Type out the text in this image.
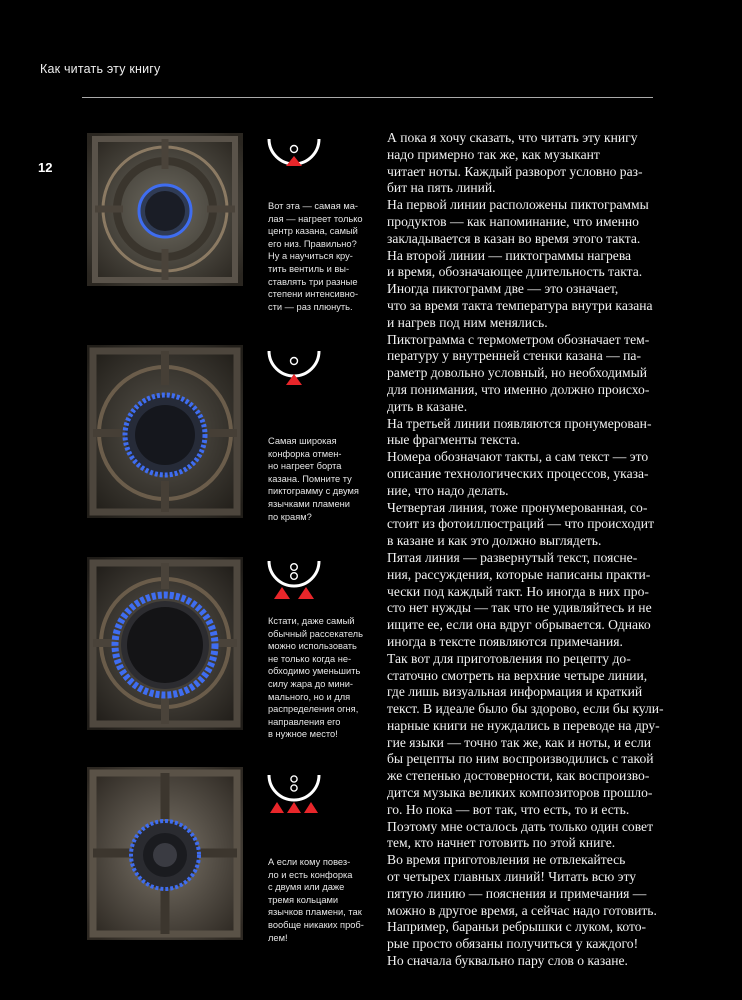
Как читать эту книгу
12
Вот эта — самая ма-
лая — нагреет только
центр казана, самый
его низ. Правильно?
Ну а научиться кру-
тить вентиль и вы-
ставлять три разные
степени интенсивно-
сти — раз плюнуть.
Самая широкая
конфорка отмен-
но нагреет борта
казана. Помните ту
пиктограмму с двумя
язычками пламени
по краям?
Кстати, даже самый
обычный рассекатель
можно использовать
не только когда не-
обходимо уменьшить
силу жара до мини-
мального, но и для
распределения огня,
направления его
в нужное место!
А если кому повез-
ло и есть конфорка
с двумя или даже
тремя кольцами
язычков пламени, так
вообще никаких проб-
лем!

А пока я хочу сказать, что читать эту книгу
надо примерно так же, как музыкант
читает ноты. Каждый разворот условно раз-
бит на пять линий.

На первой линии расположены пиктограммы
продуктов — как напоминание, что именно
закладывается в казан во время этого такта.

На второй линии — пиктограммы нагрева
и время, обозначающее длительность такта.
Иногда пиктограмм две — это означает,
что за время такта температура внутри казана
и нагрев под ним менялись.

Пиктограмма с термометром обозначает тем-
пературу у внутренней стенки казана — па-
раметр довольно условный, но необходимый
для понимания, что именно должно происхо-
дить в казане.

На третьей линии появляются пронумерован-
ные фрагменты текста.

Номера обозначают такты, а сам текст — это
описание технологических процессов, указа-
ние, что надо делать.

Четвертая линия, тоже пронумерованная, со-
стоит из фотоиллюстраций — что происходит
в казане и как это должно выглядеть.

Пятая линия — развернутый текст, поясне-
ния, рассуждения, которые написаны практи-
чески под каждый такт. Но иногда в них про-
сто нет нужды — так что не удивляйтесь и не
ищите ее, если она вдруг обрывается. Однако
иногда в тексте появляются примечания.

Так вот для приготовления по рецепту до-
статочно смотреть на верхние четыре линии,
где лишь визуальная информация и краткий
текст. В идеале было бы здорово, если бы кули-
нарные книги не нуждались в переводе на дру-
гие языки — точно так же, как и ноты, и если
бы рецепты по ним воспроизводились с такой
же степенью достоверности, как воспроизво-
дится музыка великих композиторов прошло-
го. Но пока — вот так, что есть, то и есть.

Поэтому мне осталось дать только один совет
тем, кто начнет готовить по этой книге.

Во время приготовления не отвлекайтесь
от четырех главных линий! Читать всю эту
пятую линию — пояснения и примечания —
можно в другое время, а сейчас надо готовить.

Например, бараньи ребрышки с луком, кото-
рые просто обязаны получиться у каждого!
Но сначала буквально пару слов о казане.
